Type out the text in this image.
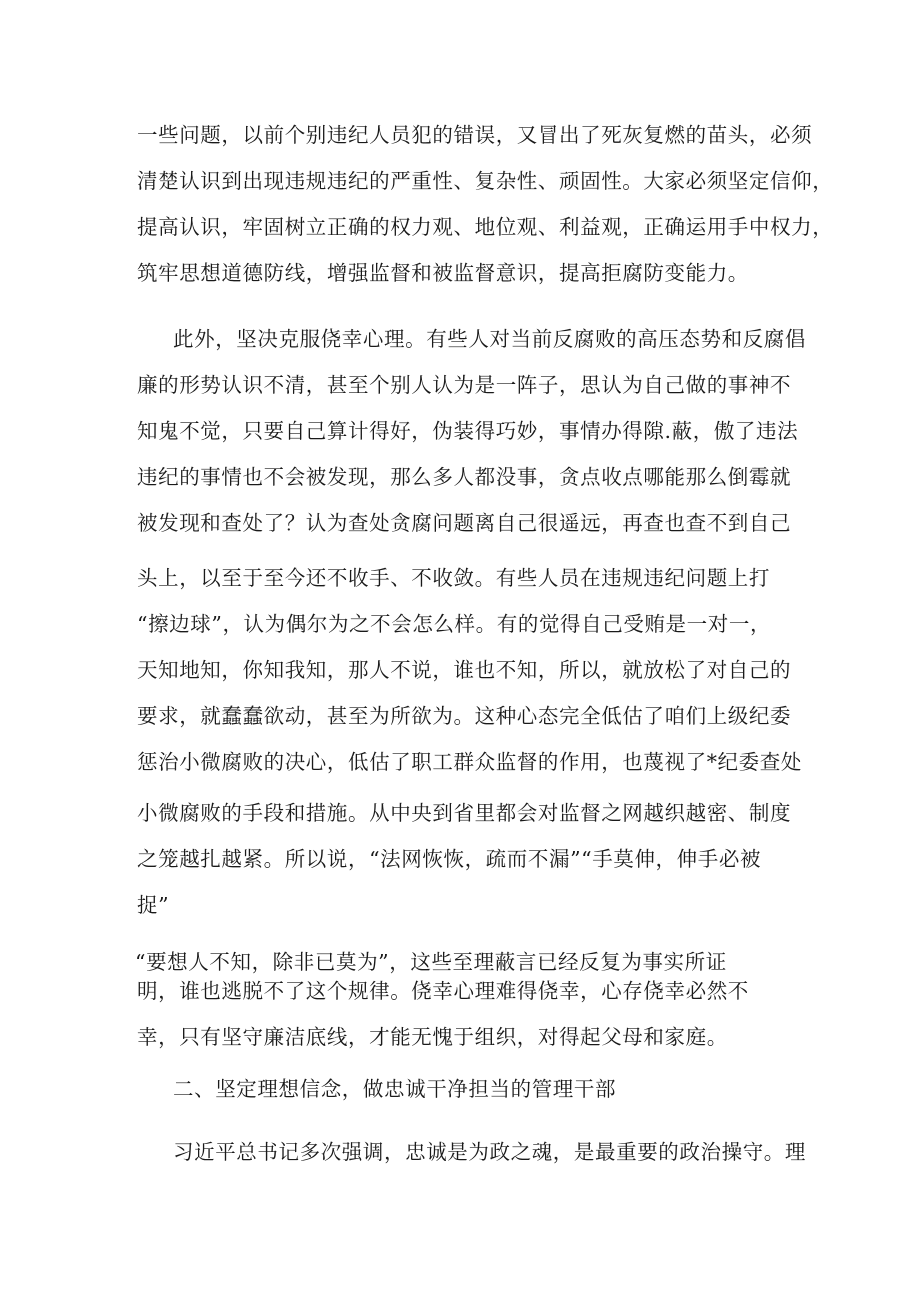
一些问题，以前个别违纪人员犯的错误，又冒出了死灰复燃的苗头，必须
清楚认识到出现违规违纪的严重性、复杂性、顽固性。大家必须坚定信仰，
提高认识，牢固树立正确的权力观、地位观、利益观，正确运用手中权力，
筑牢思想道德防线，增强监督和被监督意识，提高拒腐防变能力。
此外，坚决克服侥幸心理。有些人对当前反腐败的高压态势和反腐倡
廉的形势认识不清，甚至个别人认为是一阵子，思认为自己做的事神不
知鬼不觉，只要自己算计得好，伪装得巧妙，事情办得隙.蔽，傲了违法
违纪的事情也不会被发现，那么多人都没事，贪点收点哪能那么倒霉就
被发现和查处了？认为查处贪腐问题离自己很遥远，再查也查不到自己
头上，以至于至今还不收手、不收敛。有些人员在违规违纪问题上打
“擦边球”，认为偶尔为之不会怎么样。有的觉得自己受贿是一对一，
天知地知，你知我知，那人不说，谁也不知，所以，就放松了对自己的
要求，就蠢蠢欲动，甚至为所欲为。这种心态完全低估了咱们上级纪委
惩治小微腐败的决心，低估了职工群众监督的作用，也蔑视了*纪委查处
小微腐败的手段和措施。从中央到省里都会对监督之网越织越密、制度
之笼越扎越紧。所以说，“法网恢恢，疏而不漏”“手莫伸，伸手必被
捉”
“要想人不知，除非已莫为”，这些至理蔽言已经反复为事实所证
明，谁也逃脱不了这个规律。侥幸心理难得侥幸，心存侥幸必然不
幸，只有坚守廉洁底线，才能无愧于组织，对得起父母和家庭。
二、坚定理想信念，做忠诚干净担当的管理干部
习近平总书记多次强调，忠诚是为政之魂，是最重要的政治操守。理
